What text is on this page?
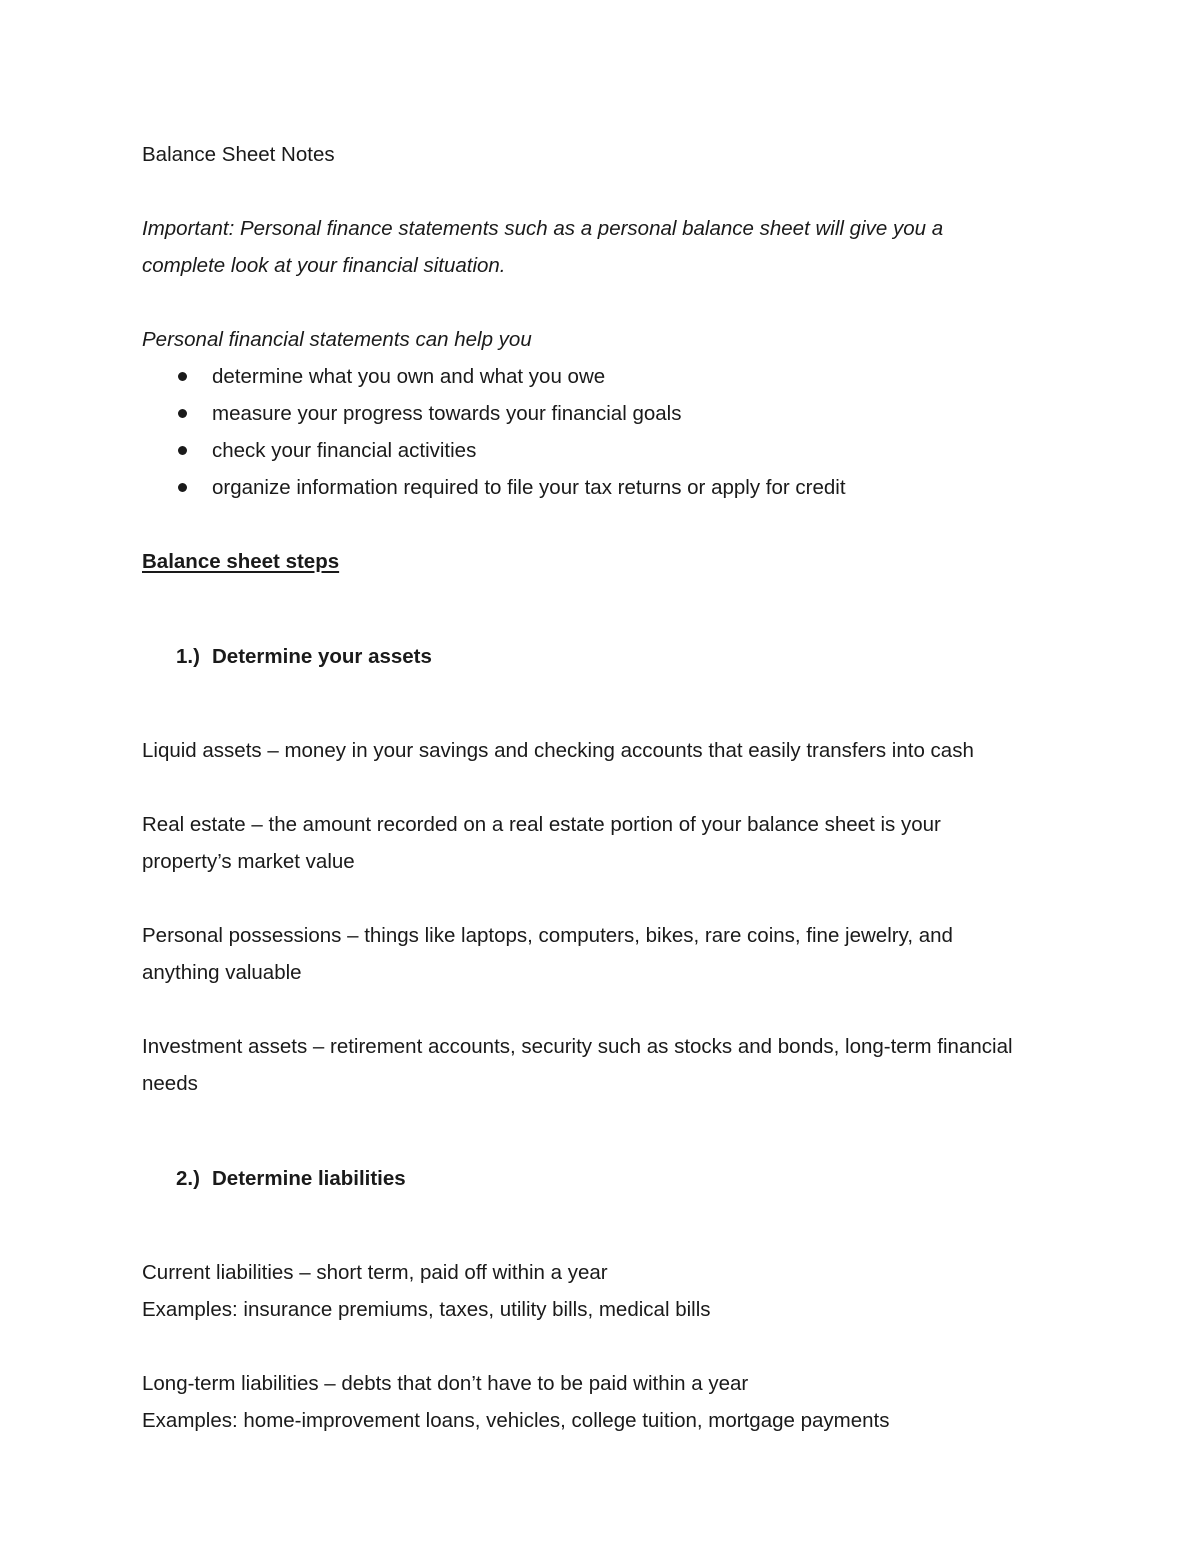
Balance Sheet Notes

Important: Personal finance statements such as a personal balance sheet will give you a

complete look at your financial situation.

Personal financial statements can help you

determine what you own and what you owe
measure your progress towards your financial goals
check your financial activities
organize information required to file your tax returns or apply for credit

Balance sheet steps

1.) Determine your assets

Liquid assets – money in your savings and checking accounts that easily transfers into cash

Real estate – the amount recorded on a real estate portion of your balance sheet is your

property’s market value

Personal possessions – things like laptops, computers, bikes, rare coins, fine jewelry, and

anything valuable

Investment assets – retirement accounts, security such as stocks and bonds, long-term financial

needs

2.) Determine liabilities

Current liabilities – short term, paid off within a year

Examples: insurance premiums, taxes, utility bills, medical bills

Long-term liabilities – debts that don’t have to be paid within a year

Examples: home-improvement loans, vehicles, college tuition, mortgage payments
